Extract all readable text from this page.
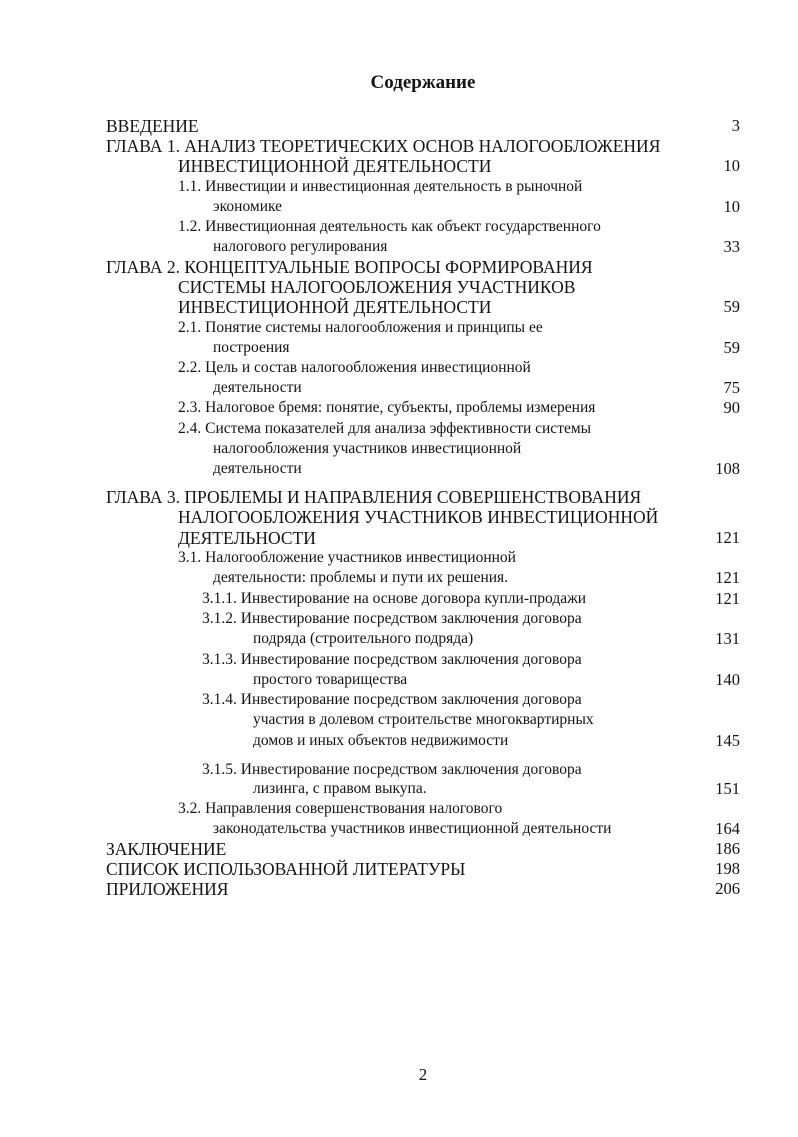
Содержание
ВВЕДЕНИЕ	3
ГЛАВА 1. АНАЛИЗ ТЕОРЕТИЧЕСКИХ ОСНОВ НАЛОГООБЛОЖЕНИЯ
ИНВЕСТИЦИОННОЙ ДЕЯТЕЛЬНОСТИ	10
1.1. Инвестиции и инвестиционная деятельность в рыночной
экономике	10
1.2. Инвестиционная деятельность как объект государственного
налогового регулирования	33
ГЛАВА 2. КОНЦЕПТУАЛЬНЫЕ ВОПРОСЫ ФОРМИРОВАНИЯ
СИСТЕМЫ НАЛОГООБЛОЖЕНИЯ УЧАСТНИКОВ
ИНВЕСТИЦИОННОЙ ДЕЯТЕЛЬНОСТИ	59
2.1. Понятие системы налогообложения и принципы ее
построения	59
2.2. Цель и состав налогообложения инвестиционной
деятельности	75
2.3. Налоговое бремя: понятие, субъекты, проблемы измерения	90
2.4. Система показателей для анализа эффективности системы
налогообложения участников инвестиционной
деятельности	108
ГЛАВА 3. ПРОБЛЕМЫ И НАПРАВЛЕНИЯ СОВЕРШЕНСТВОВАНИЯ
НАЛОГООБЛОЖЕНИЯ УЧАСТНИКОВ ИНВЕСТИЦИОННОЙ
ДЕЯТЕЛЬНОСТИ	121
3.1. Налогообложение участников инвестиционной
деятельности: проблемы и пути их решения.	121
3.1.1. Инвестирование на основе договора купли-продажи	121
3.1.2. Инвестирование посредством заключения договора
подряда (строительного подряда)	131
3.1.3. Инвестирование посредством заключения договора
простого товарищества	140
3.1.4. Инвестирование посредством заключения договора
участия в долевом строительстве многоквартирных
домов и иных объектов недвижимости	145
3.1.5. Инвестирование посредством заключения договора
лизинга, с правом выкупа.	151
3.2. Направления совершенствования налогового
законодательства участников инвестиционной деятельности	164
ЗАКЛЮЧЕНИЕ	186
СПИСОК ИСПОЛЬЗОВАННОЙ ЛИТЕРАТУРЫ	198
ПРИЛОЖЕНИЯ	206
2
